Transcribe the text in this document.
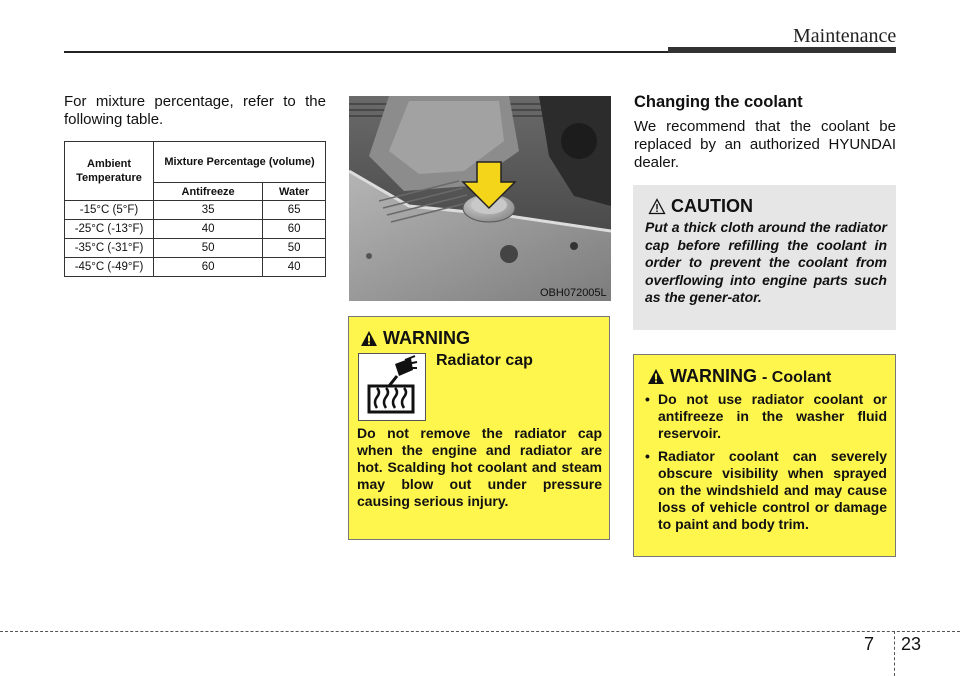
Maintenance
For mixture percentage, refer to the following table.
Ambient Temperature	Mixture Percentage (volume)	
	Antifreeze	Water
-15°C (5°F)	35	65
-25°C (-13°F)	40	60
-35°C (-31°F)	50	50
-45°C (-49°F)	60	40
OBH072005L
WARNING
Radiator cap
Do not remove the radiator cap when the engine and radiator are hot. Scalding hot coolant and steam may blow out under pressure causing serious injury.
Changing the coolant
We recommend that the coolant be replaced by an authorized HYUNDAI dealer.
CAUTION
Put a thick cloth around the radiator cap before refilling the coolant in order to prevent the coolant from overflowing into engine parts such as the gener-ator.
WARNING - Coolant
• Do not use radiator coolant or antifreeze in the washer fluid reservoir.
• Radiator coolant can severely obscure visibility when sprayed on the windshield and may cause loss of vehicle control or damage to paint and body trim.
7 23
